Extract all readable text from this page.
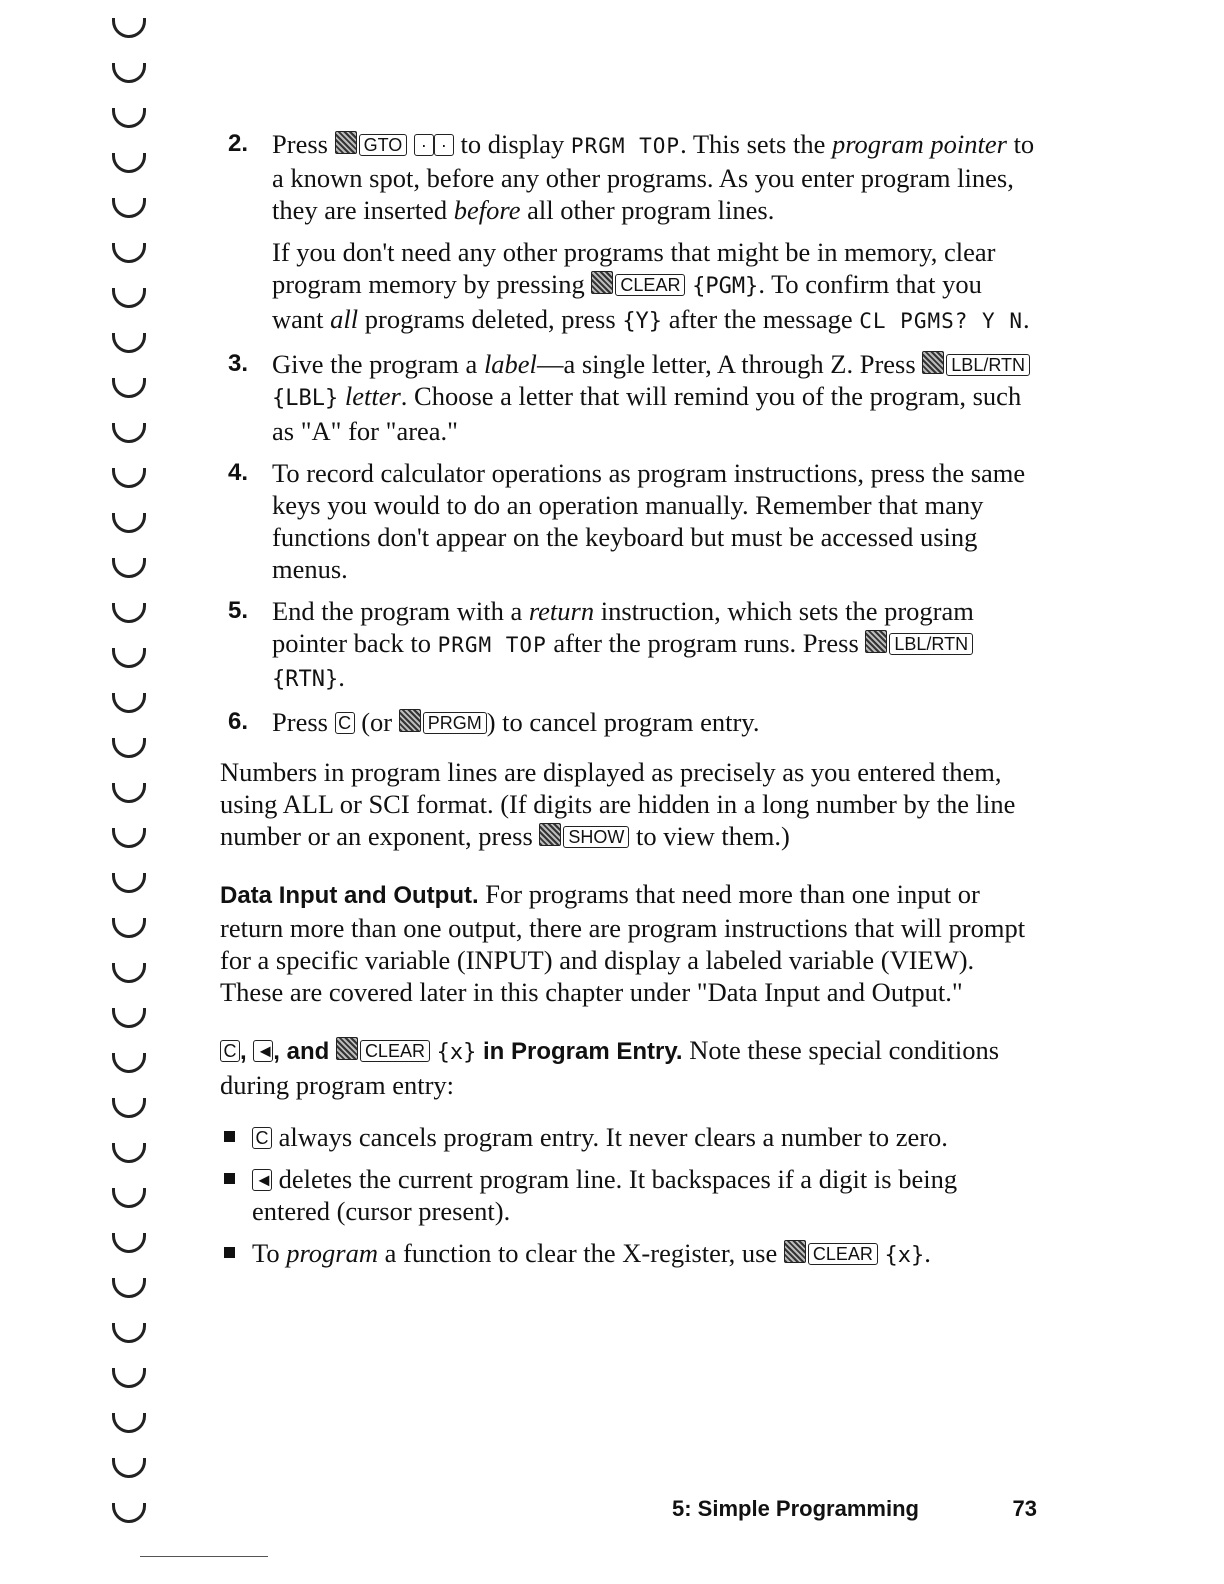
2. Press GTO · · to display PRGM TOP. This sets the program pointer to a known spot, before any other programs. As you enter program lines, they are inserted before all other program lines.

If you don't need any other programs that might be in memory, clear program memory by pressing CLEAR {PGM}. To confirm that you want all programs deleted, press {Y} after the message CL PGMS? Y N.

3. Give the program a label—a single letter, A through Z. Press LBL/RTN {LBL} letter. Choose a letter that will remind you of the program, such as "A" for "area."

4. To record calculator operations as program instructions, press the same keys you would to do an operation manually. Remember that many functions don't appear on the keyboard but must be accessed using menus.

5. End the program with a return instruction, which sets the program pointer back to PRGM TOP after the program runs. Press LBL/RTN {RTN}.

6. Press C (or PRGM ) to cancel program entry.

Numbers in program lines are displayed as precisely as you entered them, using ALL or SCI format. (If digits are hidden in a long number by the line number or an exponent, press SHOW to view them.)

Data Input and Output. For programs that need more than one input or return more than one output, there are program instructions that will prompt for a specific variable (INPUT) and display a labeled variable (VIEW). These are covered later in this chapter under "Data Input and Output."

C , ◄, and CLEAR {x} in Program Entry. Note these special conditions during program entry:

C always cancels program entry. It never clears a number to zero.
◄ deletes the current program line. It backspaces if a digit is being entered (cursor present).
To program a function to clear the X-register, use CLEAR {x}.
5: Simple Programming	73
